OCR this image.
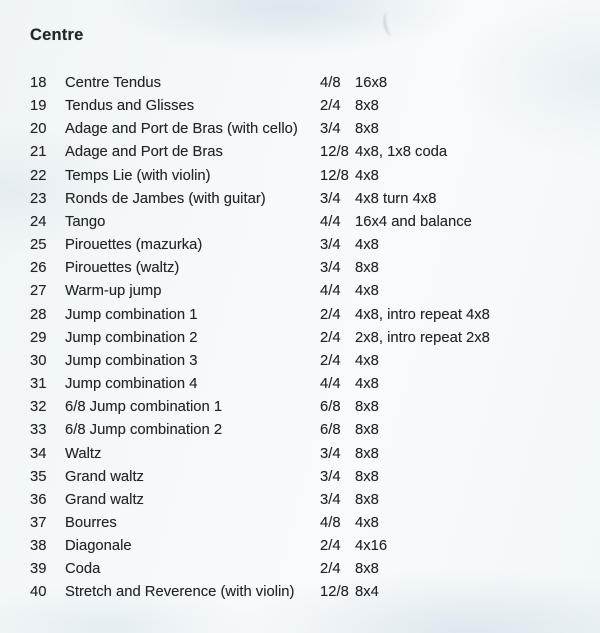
Centre
18	Centre Tendus	4/8 16x8
19	Tendus and Glisses	2/4 8x8
20	Adage and Port de Bras (with cello)	3/4 8x8
21	Adage and Port de Bras	12/8 4x8, 1x8 coda
22	Temps Lie (with violin)	12/8 4x8
23	Ronds de Jambes (with guitar)	3/4 4x8 turn 4x8
24	Tango	4/4 16x4 and balance
25	Pirouettes (mazurka)	3/4 4x8
26	Pirouettes (waltz)	3/4 8x8
27	Warm-up jump	4/4 4x8
28	Jump combination 1	2/4 4x8, intro repeat 4x8
29	Jump combination 2	2/4 2x8, intro repeat 2x8
30	Jump combination 3	2/4 4x8
31	Jump combination 4	4/4 4x8
32	6/8 Jump combination 1	6/8 8x8
33	6/8 Jump combination 2	6/8 8x8
34	Waltz	3/4 8x8
35	Grand waltz	3/4 8x8
36	Grand waltz	3/4 8x8
37	Bourres	4/8 4x8
38	Diagonale	2/4 4x16
39	Coda	2/4 8x8
40	Stretch and Reverence (with violin)	12/8 8x4
